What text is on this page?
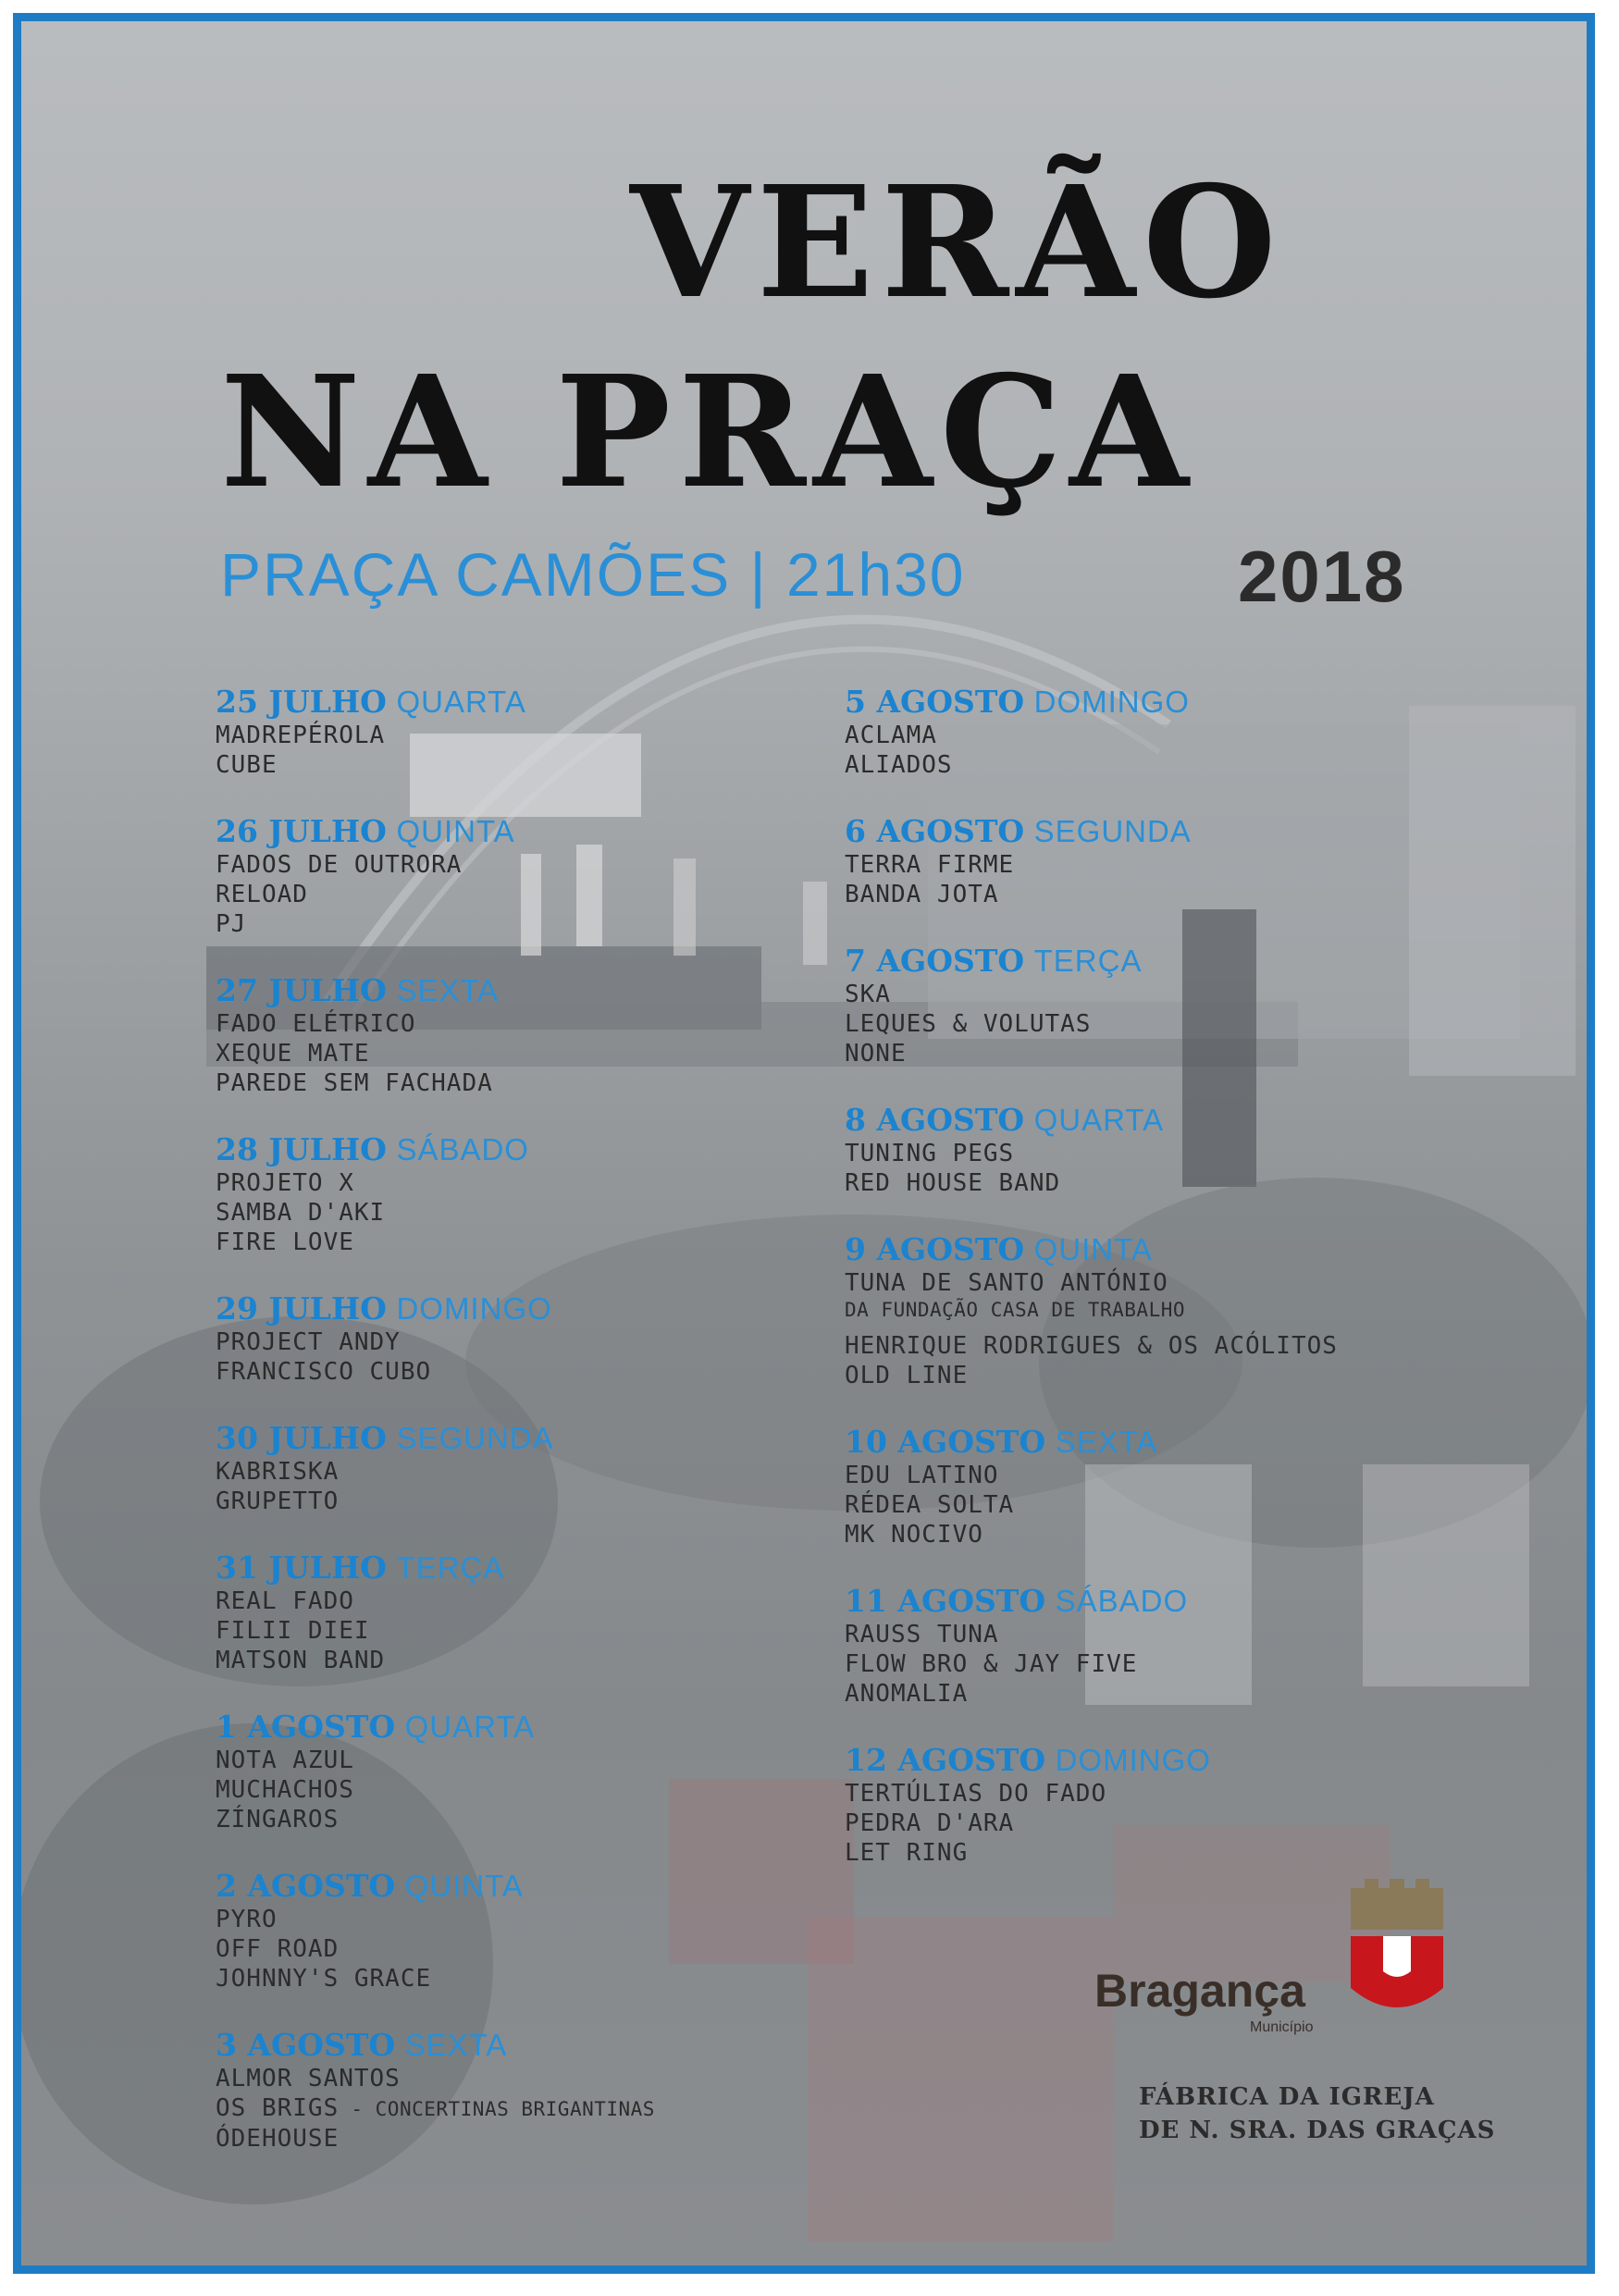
VERÃO
NA PRAÇA
PRAÇA CAMÕES | 21h30	2018
25 JULHO QUARTA
MADREPÉROLA
CUBE
26 JULHO QUINTA
FADOS DE OUTRORA
RELOAD
PJ
27 JULHO SEXTA
FADO ELÉTRICO
XEQUE MATE
PAREDE SEM FACHADA
28 JULHO SÁBADO
PROJETO X
SAMBA D'AKI
FIRE LOVE
29 JULHO DOMINGO
PROJECT ANDY
FRANCISCO CUBO
30 JULHO SEGUNDA
KABRISKA
GRUPETTO
31 JULHO TERÇA
REAL FADO
FILII DIEI
MATSON BAND
1 AGOSTO QUARTA
NOTA AZUL
MUCHACHOS
ZÍNGAROS
2 AGOSTO QUINTA
PYRO
OFF ROAD
JOHNNY'S GRACE
3 AGOSTO SEXTA
ALMOR SANTOS
OS BRIGS - CONCERTINAS BRIGANTINAS
ÓDEHOUSE
5 AGOSTO DOMINGO
ACLAMA
ALIADOS
6 AGOSTO SEGUNDA
TERRA FIRME
BANDA JOTA
7 AGOSTO TERÇA
SKA
LEQUES & VOLUTAS
NONE
8 AGOSTO QUARTA
TUNING PEGS
RED HOUSE BAND
9 AGOSTO QUINTA
TUNA DE SANTO ANTÓNIO
DA FUNDAÇÃO CASA DE TRABALHO
HENRIQUE RODRIGUES & OS ACÓLITOS
OLD LINE
10 AGOSTO SEXTA
EDU LATINO
RÉDEA SOLTA
MK NOCIVO
11 AGOSTO SÁBADO
RAUSS TUNA
FLOW BRO & JAY FIVE
ANOMALIA
12 AGOSTO DOMINGO
TERTÚLIAS DO FADO
PEDRA D'ARA
LET RING
Bragança
Município
FÁBRICA DA IGREJA
DE N. SRA. DAS GRAÇAS
